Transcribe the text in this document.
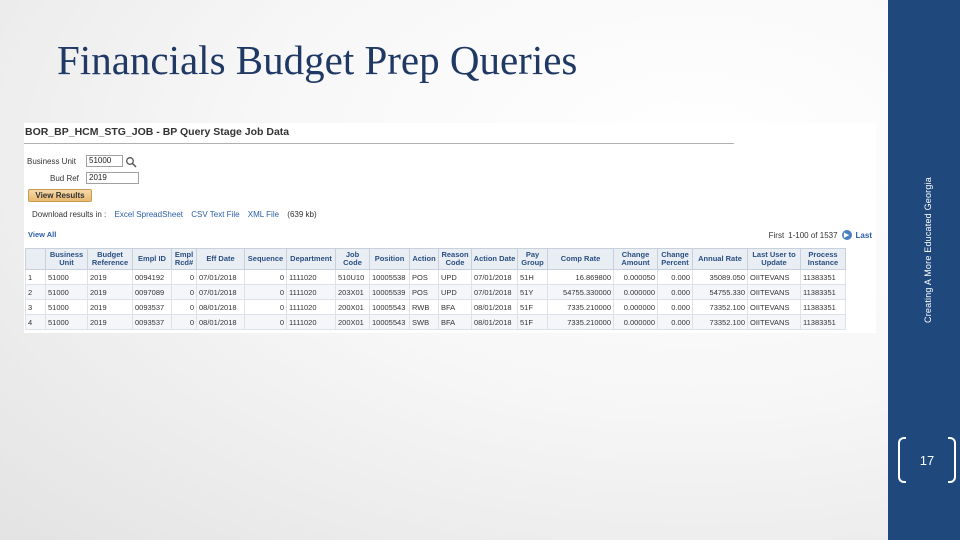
Financials Budget Prep Queries
Creating A More Educated Georgia
17
BOR_BP_HCM_STG_JOB - BP Query Stage Job Data
Business Unit	51000
Bud Ref	2019
View Results
Download results in : Excel SpreadSheet CSV Text File XML File (639 kb)
View All	First 1-100 of 1537 ▶ Last
	Business Unit	Budget Reference	Empl ID	Empl Rcd#	Eff Date	Sequence	Department	Job Code	Position	Action	Reason Code	Action Date	Pay Group	Comp Rate	Change Amount	Change Percent	Annual Rate	Last User to Update	Process Instance
1	51000	2019	0094192	0	07/01/2018	0	1111020	510U10	10005538	POS	UPD	07/01/2018	51H	16.869800	0.000050	0.000	35089.050	OIITEVANS	11383351
2	51000	2019	0097089	0	07/01/2018	0	1111020	203X01	10005539	POS	UPD	07/01/2018	51Y	54755.330000	0.000000	0.000	54755.330	OIITEVANS	11383351
3	51000	2019	0093537	0	08/01/2018	0	1111020	200X01	10005543	RWB	BFA	08/01/2018	51F	7335.210000	0.000000	0.000	73352.100	OIITEVANS	11383351
4	51000	2019	0093537	0	08/01/2018	0	1111020	200X01	10005543	SWB	BFA	08/01/2018	51F	7335.210000	0.000000	0.000	73352.100	OIITEVANS	11383351
